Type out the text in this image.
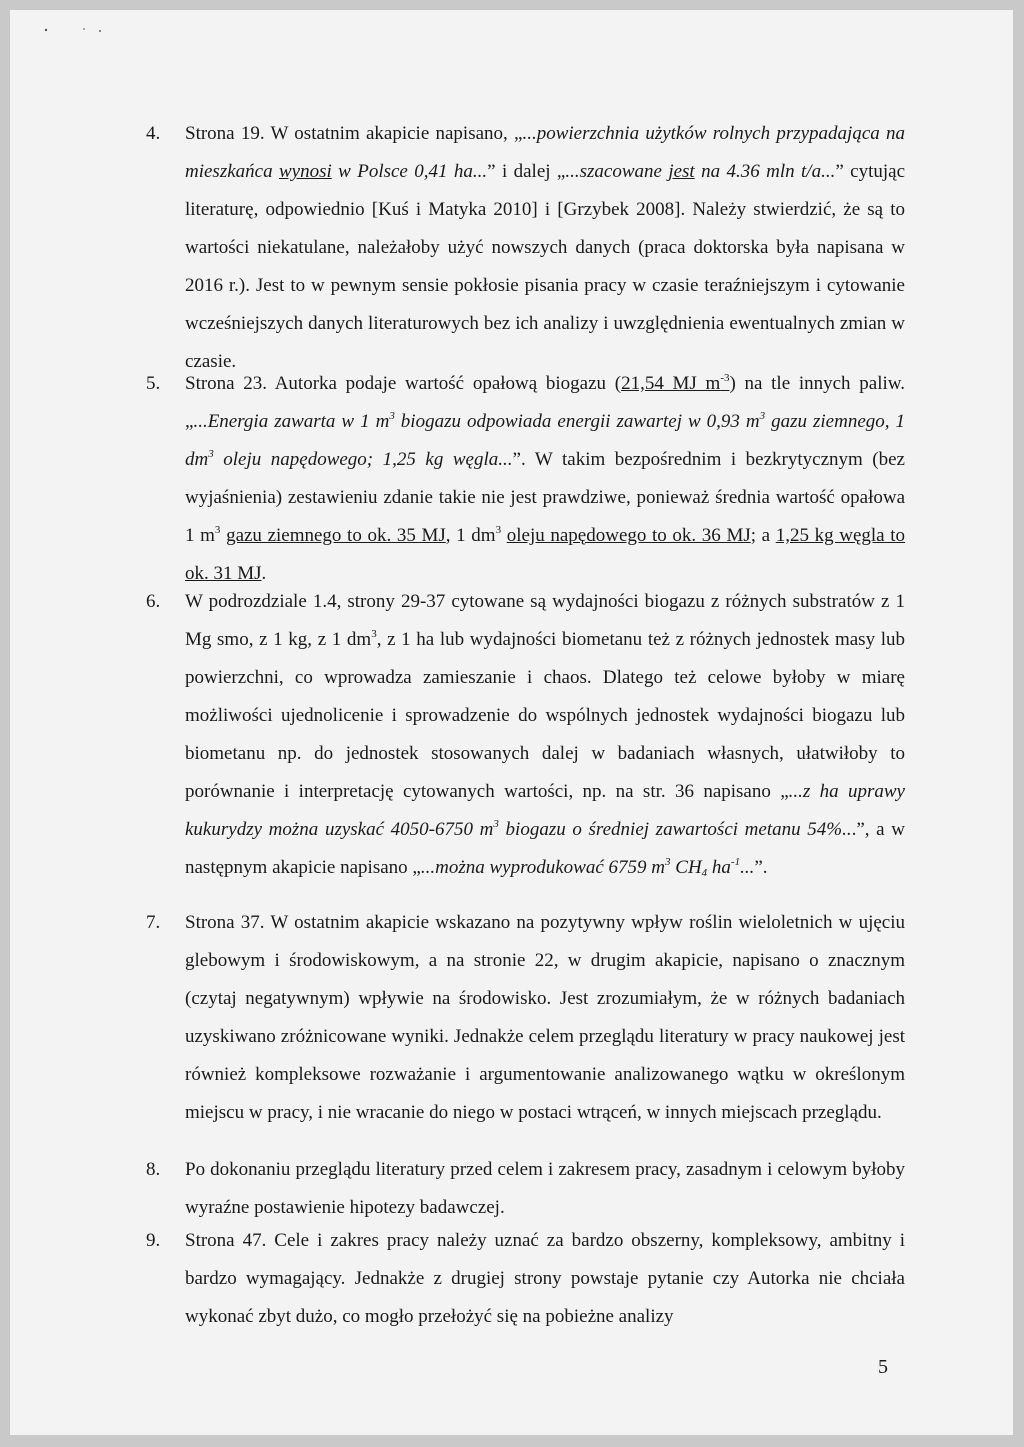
4. Strona 19. W ostatnim akapicie napisano, „...powierzchnia użytków rolnych przypadająca na mieszkańca wynosi w Polsce 0,41 ha...” i dalej „...szacowane jest na 4.36 mln t/a...” cytując literaturę, odpowiednio [Kuś i Matyka 2010] i [Grzybek 2008]. Należy stwierdzić, że są to wartości niekatulane, należałoby użyć nowszych danych (praca doktorska była napisana w 2016 r.). Jest to w pewnym sensie pokłosie pisania pracy w czasie teraźniejszym i cytowanie wcześniejszych danych literaturowych bez ich analizy i uwzględnienia ewentualnych zmian w czasie.
5. Strona 23. Autorka podaje wartość opałową biogazu (21,54 MJ $m^{-3}$) na tle innych paliw. „...Energia zawarta w 1 $m^3$ biogazu odpowiada energii zawartej w 0,93 $m^3$ gazu ziemnego, 1 $dm^3$ oleju napędowego; 1,25 kg węgla...”. W takim bezpośrednim i bezkrytycznym (bez wyjaśnienia) zestawieniu zdanie takie nie jest prawdziwe, ponieważ średnia wartość opałowa 1 $m^3$ gazu ziemnego to ok. 35 MJ, 1 $dm^3$ oleju napędowego to ok. 36 MJ; a 1,25 kg węgla to ok. 31 MJ.
6. W podrozdziale 1.4, strony 29-37 cytowane są wydajności biogazu z różnych substratów z 1 Mg smo, z 1 kg, z 1 $dm^3$, z 1 ha lub wydajności biometanu też z różnych jednostek masy lub powierzchni, co wprowadza zamieszanie i chaos. Dlatego też celowe byłoby w miarę możliwości ujednolicenie i sprowadzenie do wspólnych jednostek wydajności biogazu lub biometanu np. do jednostek stosowanych dalej w badaniach własnych, ułatwiłoby to porównanie i interpretację cytowanych wartości, np. na str. 36 napisano „...z ha uprawy kukurydzy można uzyskać 4050-6750 $m^3$ biogazu o średniej zawartości metanu 54%...”, a w następnym akapicie napisano „...można wyprodukować 6759 $m^3$ $CH_4$ $ha^{-1}$...”.
7. Strona 37. W ostatnim akapicie wskazano na pozytywny wpływ roślin wieloletnich w ujęciu glebowym i środowiskowym, a na stronie 22, w drugim akapicie, napisano o znacznym (czytaj negatywnym) wpływie na środowisko. Jest zrozumiałym, że w różnych badaniach uzyskiwano zróżnicowane wyniki. Jednakże celem przeglądu literatury w pracy naukowej jest również kompleksowe rozważanie i argumentowanie analizowanego wątku w określonym miejscu w pracy, i nie wracanie do niego w postaci wtrąceń, w innych miejscach przeglądu.
8. Po dokonaniu przeglądu literatury przed celem i zakresem pracy, zasadnym i celowym byłoby wyraźne postawienie hipotezy badawczej.
9. Strona 47. Cele i zakres pracy należy uznać za bardzo obszerny, kompleksowy, ambitny i bardzo wymagający. Jednakże z drugiej strony powstaje pytanie czy Autorka nie chciała wykonać zbyt dużo, co mogło przełożyć się na pobieżne analizy
5
